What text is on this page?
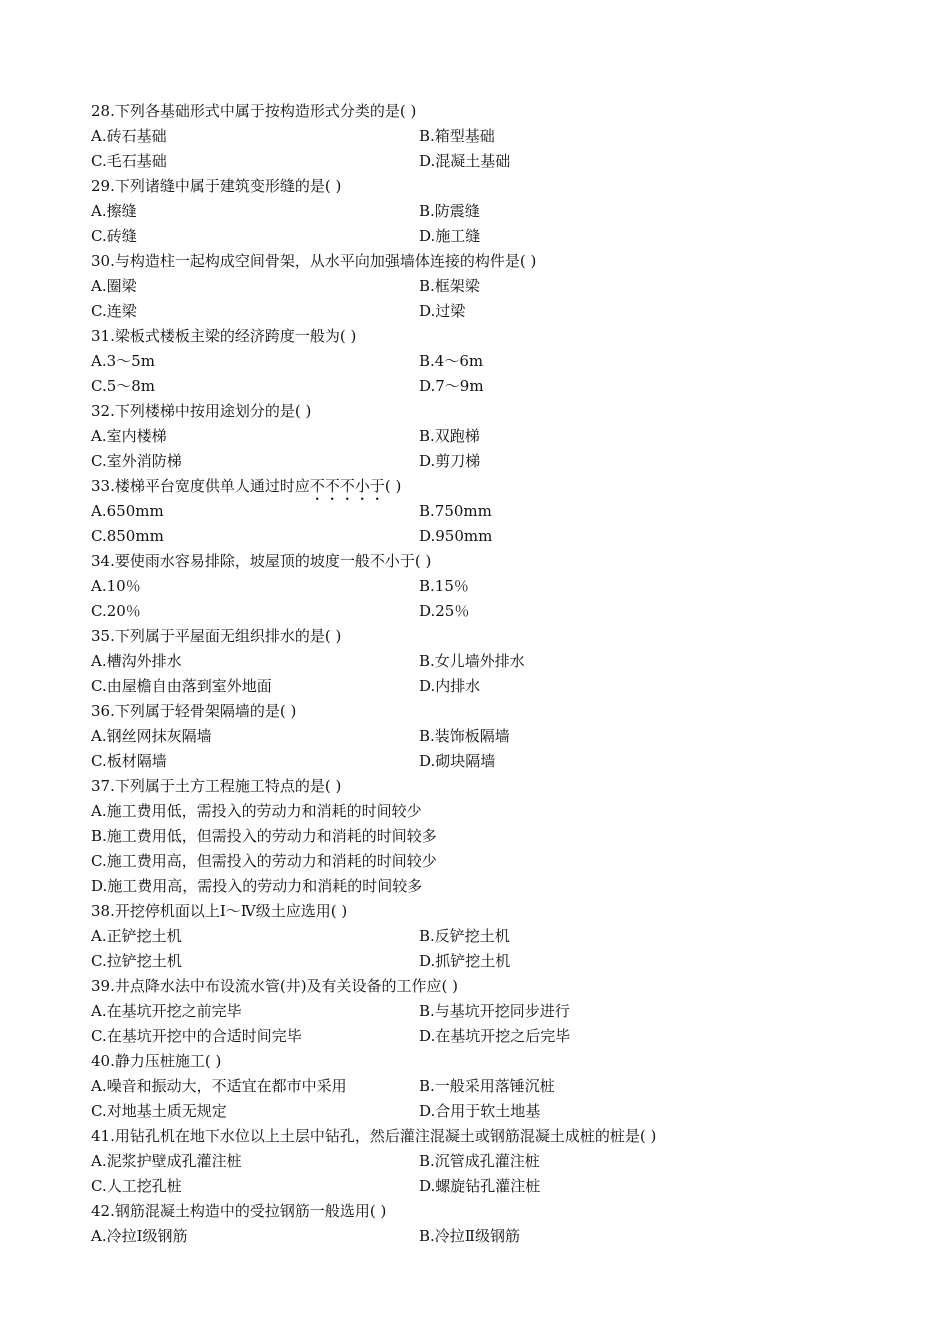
28.下列各基础形式中属于按构造形式分类的是( )
A.砖石基础	B.箱型基础
C.毛石基础	D.混凝土基础
29.下列诸缝中属于建筑变形缝的是( )
A.擦缝	B.防震缝
C.砖缝	D.施工缝
30.与构造柱一起构成空间骨架，从水平向加强墙体连接的构件是( )
A.圈梁	B.框架梁
C.连梁	D.过梁
31.梁板式楼板主梁的经济跨度一般为( )
A.3～5m	B.4～6m
C.5～8m	D.7～9m
32.下列楼梯中按用途划分的是( )
A.室内楼梯	B.双跑梯
C.室外消防梯	D.剪刀梯
33.楼梯平台宽度供单人通过时应不不不小于( )
A.650mm	B.750mm
C.850mm	D.950mm
34.要使雨水容易排除，坡屋顶的坡度一般不小于( )
A.10％	B.15％
C.20％	D.25％
35.下列属于平屋面无组织排水的是( )
A.槽沟外排水	B.女儿墙外排水
C.由屋檐自由落到室外地面	D.内排水
36.下列属于轻骨架隔墙的是( )
A.钢丝网抹灰隔墙	B.装饰板隔墙
C.板材隔墙	D.砌块隔墙
37.下列属于土方工程施工特点的是( )
A.施工费用低，需投入的劳动力和消耗的时间较少
B.施工费用低，但需投入的劳动力和消耗的时间较多
C.施工费用高，但需投入的劳动力和消耗的时间较少
D.施工费用高，需投入的劳动力和消耗的时间较多
38.开挖停机面以上Ⅰ～Ⅳ级土应选用( )
A.正铲挖土机	B.反铲挖土机
C.拉铲挖土机	D.抓铲挖土机
39.井点降水法中布设流水管(井)及有关设备的工作应( )
A.在基坑开挖之前完毕	B.与基坑开挖同步进行
C.在基坑开挖中的合适时间完毕	D.在基坑开挖之后完毕
40.静力压桩施工( )
A.噪音和振动大，不适宜在都市中采用	B.一般采用落锤沉桩
C.对地基土质无规定	D.合用于软土地基
41.用钻孔机在地下水位以上土层中钻孔，然后灌注混凝土或钢筋混凝土成桩的桩是( )
A.泥浆护壁成孔灌注桩	B.沉管成孔灌注桩
C.人工挖孔桩	D.螺旋钻孔灌注桩
42.钢筋混凝土构造中的受拉钢筋一般选用( )
A.冷拉Ⅰ级钢筋	B.冷拉Ⅱ级钢筋
